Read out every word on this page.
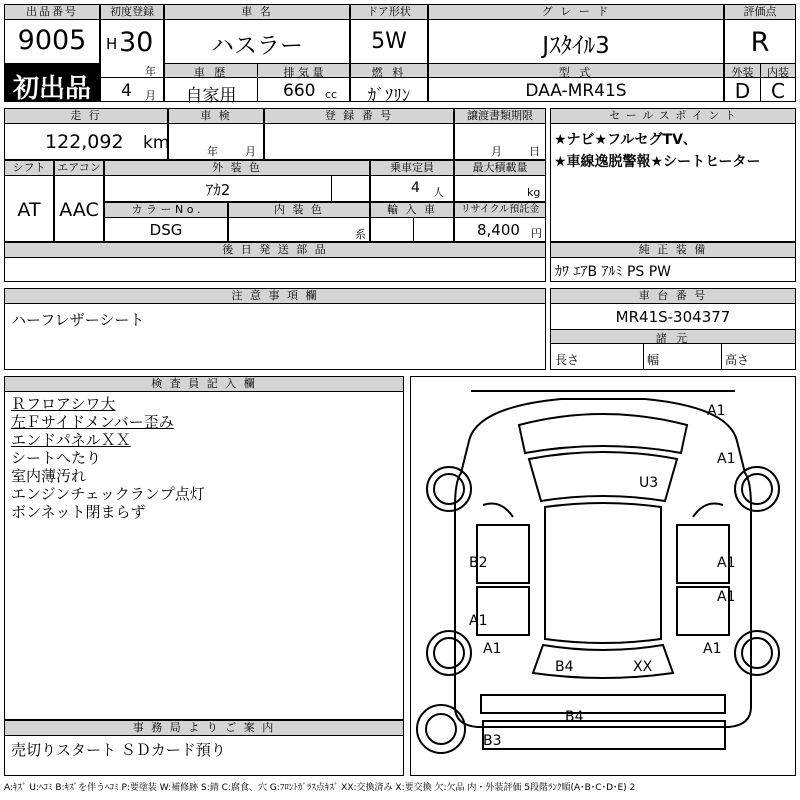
出品番号
9005
初出品
初度登録
H 30
年
4 月
車 名
ハスラー
車 歴	排 気 量
自家用	660 cc
ドア形状
5W
燃 料
ｶﾞｿﾘﾝ
グ レ ー ド
Jｽﾀｲﾙ3
型 式
DAA-MR41S
評価点
R
外装	内装
D	C
走 行
122,092 km
車 検
年 月
登 録 番 号	譲渡書類期限
月 日
シフト
AT
エアコン
AAC
外 装 色
ｱｶ2
乗車定員
4 人
最大積載量
kg
カ ラ ー N o .
DSG
内 装 色
系
輸 入 車	リサイクル預託金
8,400 円
後 日 発 送 部 品
セ ー ル ス ポ イ ン ト
★ナビ★フルセグTV、
★車線逸脱警報★シートヒーター
純 正 装 備
ｶﾜ ｴｱB ｱﾙﾐ PS PW
注 意 事 項 欄
ハーフレザーシート
車 台 番 号
MR41S-304377
諸 元
長さ	幅	高さ
検 査 員 記 入 欄
Ｒフロアシワ大
左Ｆサイドメンバー歪み
エンドパネルＸＸ
シートへたり
室内薄汚れ
エンジンチェックランプ点灯
ボンネット閉まらず
事 務 局 よ り ご 案 内
売切りスタート ＳＤカード預り
A1
A1
U3
B2	A1
A1
A1
A1	A1
B4	XX
B4
B3
A:ｷｽﾞ U:ﾍｺﾐ B:ｷｽﾞを伴うﾍｺﾐ P:要塗装 W:補修跡 S:錆 C:腐食、穴 G:ﾌﾛﾝﾄｶﾞﾗｽ点ｷｽﾞ XX:交換済み X:要交換 欠:欠品 内・外装評価 5段階ﾗﾝｸ順(A･B･C･D･E) 2
